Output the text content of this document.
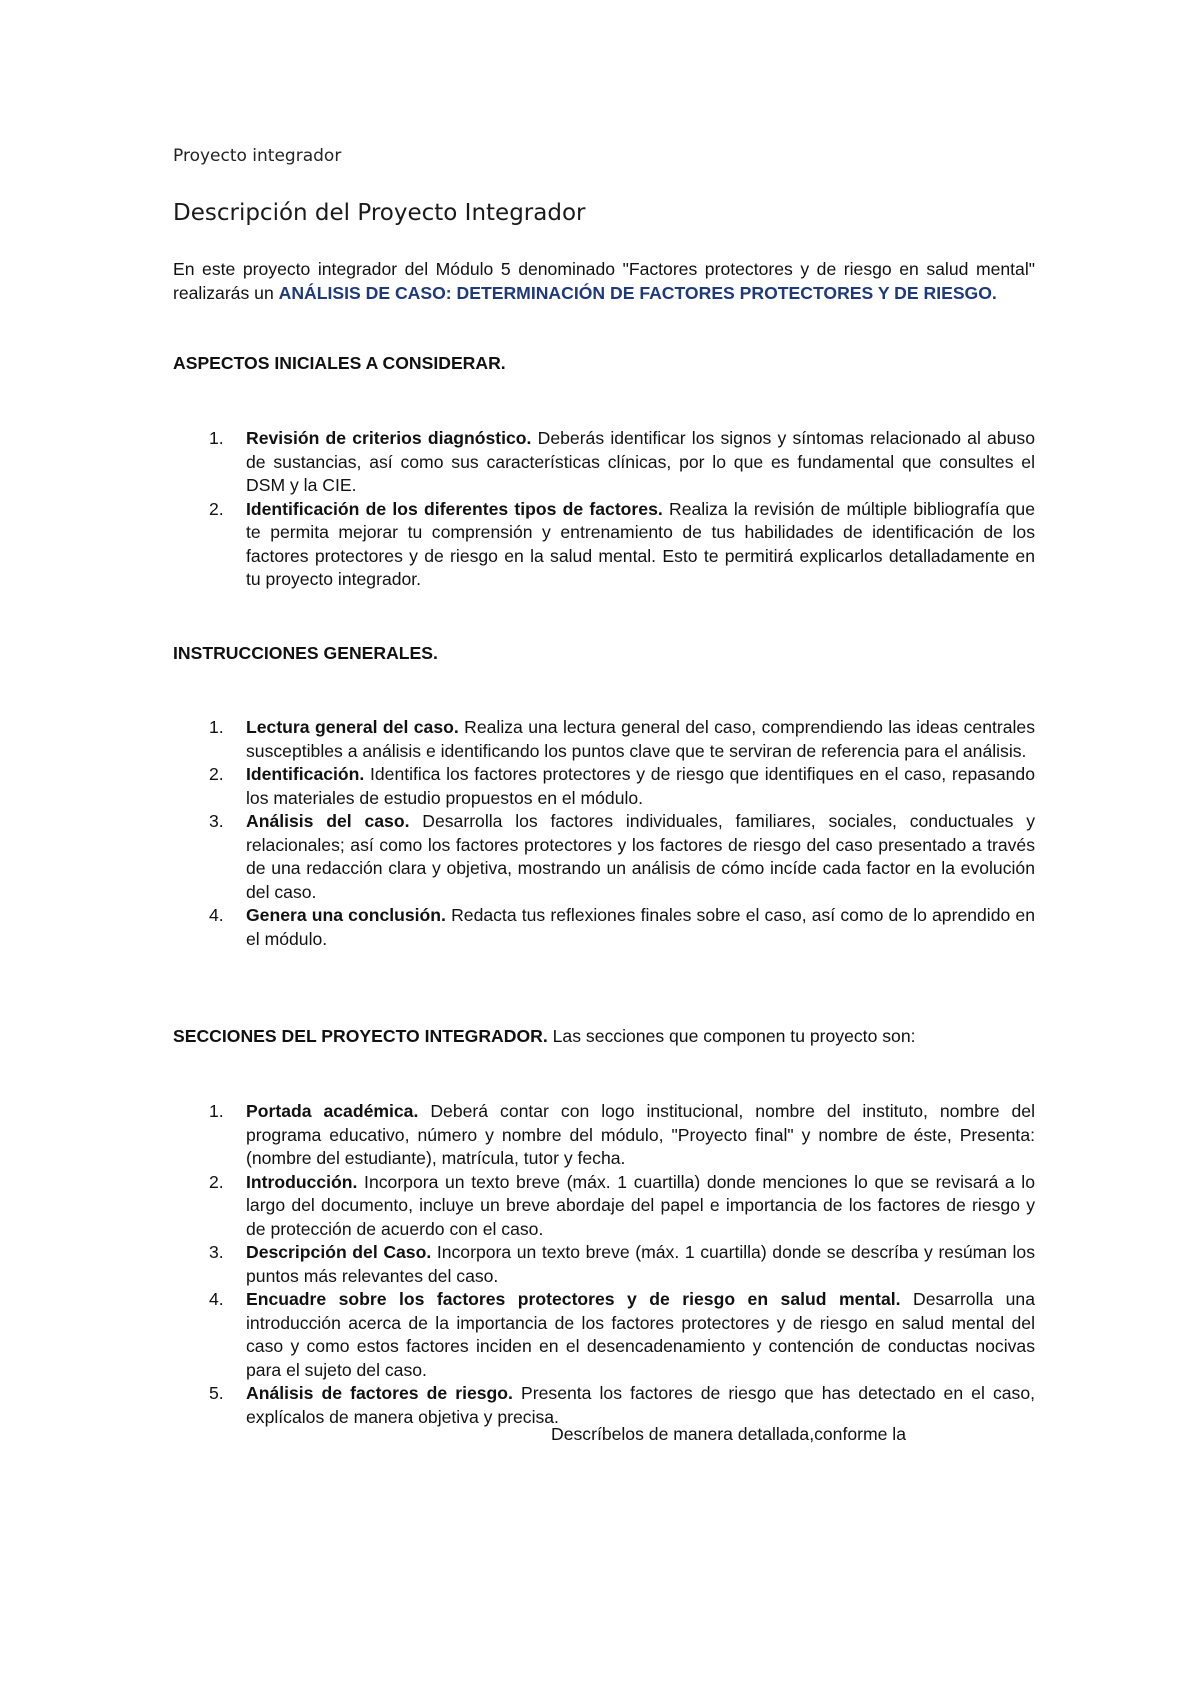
Proyecto integrador
Descripción del Proyecto Integrador

En este proyecto integrador del Módulo 5 denominado "Factores protectores y de riesgo en salud mental" realizarás un ANÁLISIS DE CASO: DETERMINACIÓN DE FACTORES PROTECTORES Y DE RIESGO.

ASPECTOS INICIALES A CONSIDERAR.
1.	Revisión de criterios diagnóstico. Deberás identificar los signos y síntomas relacionado al abuso de sustancias, así como sus características clínicas, por lo que es fundamental que consultes el DSM y la CIE.
2.	Identificación de los diferentes tipos de factores. Realiza la revisión de múltiple bibliografía que te permita mejorar tu comprensión y entrenamiento de tus habilidades de identificación de los factores protectores y de riesgo en la salud mental. Esto te permitirá explicarlos detalladamente en tu proyecto integrador.
INSTRUCCIONES GENERALES.
1.	Lectura general del caso. Realiza una lectura general del caso, comprendiendo las ideas centrales susceptibles a análisis e identificando los puntos clave que te serviran de referencia para el análisis.
2.	Identificación. Identifica los factores protectores y de riesgo que identifiques en el caso, repasando los materiales de estudio propuestos en el módulo.
3.	Análisis del caso. Desarrolla los factores individuales, familiares, sociales, conductuales y relacionales; así como los factores protectores y los factores de riesgo del caso presentado a través de una redacción clara y objetiva, mostrando un análisis de cómo incíde cada factor en la evolución del caso.
4.	Genera una conclusión. Redacta tus reflexiones finales sobre el caso, así como de lo aprendido en el módulo.
SECCIONES DEL PROYECTO INTEGRADOR. Las secciones que componen tu proyecto son:
1.	Portada académica. Deberá contar con logo institucional, nombre del instituto, nombre del programa educativo, número y nombre del módulo, "Proyecto final" y nombre de éste, Presenta: (nombre del estudiante), matrícula, tutor y fecha.
2.	Introducción. Incorpora un texto breve (máx. 1 cuartilla) donde menciones lo que se revisará a lo largo del documento, incluye un breve abordaje del papel e importancia de los factores de riesgo y de protección de acuerdo con el caso.
3.	Descripción del Caso. Incorpora un texto breve (máx. 1 cuartilla) donde se descríba y resúman los puntos más relevantes del caso.
4.	Encuadre sobre los factores protectores y de riesgo en salud mental. Desarrolla una introducción acerca de la importancia de los factores protectores y de riesgo en salud mental del caso y como estos factores inciden en el desencadenamiento y contención de conductas nocivas para el sujeto del caso.
5.	Análisis de factores de riesgo. Presenta los factores de riesgo que has detectado en el caso, explícalos de manera objetiva y precisa.
Descríbelos de manera detallada,conforme la
